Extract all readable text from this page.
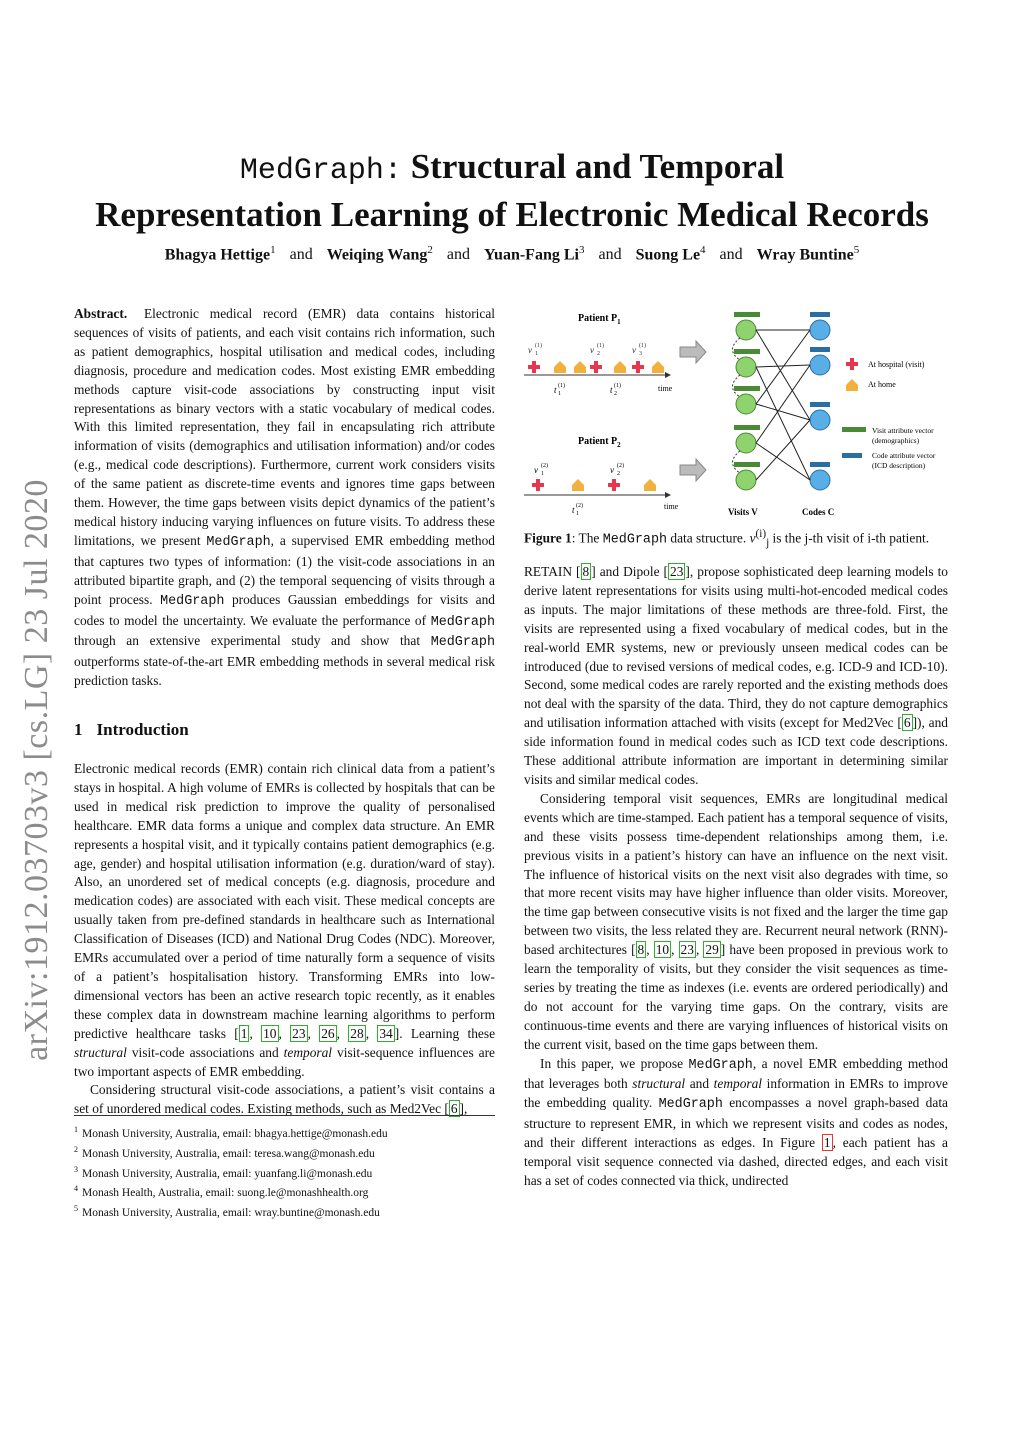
arXiv:1912.03703v3 [cs.LG] 23 Jul 2020
MedGraph: Structural and Temporal
Representation Learning of Electronic Medical Records
Bhagya Hettige$^1$ and Weiqing Wang$^2$ and Yuan-Fang Li$^3$ and Suong Le$^4$ and Wray Buntine$^5$

Abstract. Electronic medical record (EMR) data contains historical sequences of visits of patients, and each visit contains rich information, such as patient demographics, hospital utilisation and medical codes, including diagnosis, procedure and medication codes. Most existing EMR embedding methods capture visit-code associations by constructing input visit representations as binary vectors with a static vocabulary of medical codes. With this limited representation, they fail in encapsulating rich attribute information of visits (demographics and utilisation information) and/or codes (e.g., medical code descriptions). Furthermore, current work considers visits of the same patient as discrete-time events and ignores time gaps between them. However, the time gaps between visits depict dynamics of the patient’s medical history inducing varying influences on future visits. To address these limitations, we present MedGraph, a supervised EMR embedding method that captures two types of information: (1) the visit-code associations in an attributed bipartite graph, and (2) the temporal sequencing of visits through a point process. MedGraph produces Gaussian embeddings for visits and codes to model the uncertainty. We evaluate the performance of MedGraph through an extensive experimental study and show that MedGraph outperforms state-of-the-art EMR embedding methods in several medical risk prediction tasks.

1 Introduction

Electronic medical records (EMR) contain rich clinical data from a patient’s stays in hospital. A high volume of EMRs is collected by hospitals that can be used in medical risk prediction to improve the quality of personalised healthcare. EMR data forms a unique and complex data structure. An EMR represents a hospital visit, and it typically contains patient demographics (e.g. age, gender) and hospital utilisation information (e.g. duration/ward of stay). Also, an unordered set of medical concepts (e.g. diagnosis, procedure and medication codes) are associated with each visit. These medical concepts are usually taken from pre-defined standards in healthcare such as International Classification of Diseases (ICD) and National Drug Codes (NDC). Moreover, EMRs accumulated over a period of time naturally form a sequence of visits of a patient’s hospitalisation history. Transforming EMRs into low-dimensional vectors has been an active research topic recently, as it enables these complex data in downstream machine learning algorithms to perform predictive healthcare tasks [ 1 , 10 , 23 , 26 , 28 , 34 ]. Learning these structural visit-code associations and temporal visit-sequence influences are two important aspects of EMR embedding.

Considering structural visit-code associations, a patient’s visit contains a set of unordered medical codes. Existing methods, such as Med2Vec [ 6 ],

$^1$ Monash University, Australia, email: bhagya.hettige@monash.edu
$^2$ Monash University, Australia, email: teresa.wang@monash.edu
$^3$ Monash University, Australia, email: yuanfang.li@monash.edu
$^4$ Monash Health, Australia, email: suong.le@monashhealth.org
$^5$ Monash University, Australia, email: wray.buntine@monash.edu
Patient $P_1$
v (1)
1	v (1)
2	v (1)
3
time
t (1)
1	t (1)
2
Patient $P_2$
v (2)
1	v (2)
2
time
t (2)
1	Visits V	Codes C
At hospital (visit)
At home
Visit attribute vector
(demographics)
Code attribute vector
(ICD description)
Figure 1: The MedGraph data structure. $v^{(i)}_j$ is the j-th visit of i-th patient.

RETAIN [ 8 ] and Dipole [ 23 ], propose sophisticated deep learning models to derive latent representations for visits using multi-hot-encoded medical codes as inputs. The major limitations of these methods are three-fold. First, the visits are represented using a fixed vocabulary of medical codes, but in the real-world EMR systems, new or previously unseen medical codes can be introduced (due to revised versions of medical codes, e.g. ICD-9 and ICD-10). Second, some medical codes are rarely reported and the existing methods does not deal with the sparsity of the data. Third, they do not capture demographics and utilisation information attached with visits (except for Med2Vec [ 6 ]), and side information found in medical codes such as ICD text code descriptions. These additional attribute information are important in determining similar visits and similar medical codes.

Considering temporal visit sequences, EMRs are longitudinal medical events which are time-stamped. Each patient has a temporal sequence of visits, and these visits possess time-dependent relationships among them, i.e. previous visits in a patient’s history can have an influence on the next visit. The influence of historical visits on the next visit also degrades with time, so that more recent visits may have higher influence than older visits. Moreover, the time gap between consecutive visits is not fixed and the larger the time gap between two visits, the less related they are. Recurrent neural network (RNN)-based architectures [ 8 , 10 , 23 , 29 ] have been proposed in previous work to learn the temporality of visits, but they consider the visit sequences as time-series by treating the time as indexes (i.e. events are ordered periodically) and do not account for the varying time gaps. On the contrary, visits are continuous-time events and there are varying influences of historical visits on the current visit, based on the time gaps between them.

In this paper, we propose MedGraph, a novel EMR embedding method that leverages both structural and temporal information in EMRs to improve the embedding quality. MedGraph encompasses a novel graph-based data structure to represent EMR, in which we represent visits and codes as nodes, and their different interactions as edges. In Figure 1 , each patient has a temporal visit sequence connected via dashed, directed edges, and each visit has a set of codes connected via thick, undirected
